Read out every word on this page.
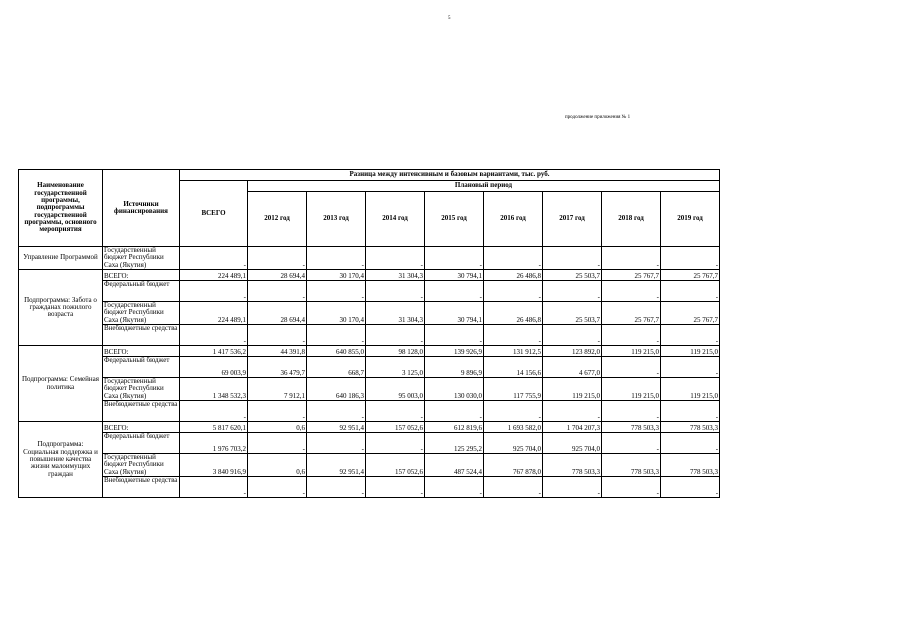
5
продолжение приложения № 1
Наименование государственной программы, подпрограммы государственной программы, основного мероприятия	Источники финансирования	Разница между интенсивным и базовым вариантами, тыс. руб.								
		ВСЕГО	Плановый период							
			2012 год	2013 год	2014 год	2015 год	2016 год	2017 год	2018 год	2019 год
Управление Программой	Государственный бюджет Республики Саха (Якутия)	-	-	-	-	-	-	-	-	-
Подпрограмма: Забота о гражданах пожилого возраста	ВСЕГО:	224 489,1	28 694,4	30 170,4	31 304,3	30 794,1	26 486,8	25 503,7	25 767,7	25 767,7
	Федеральный бюджет	-	-	-	-	-	-	-	-	-
	Государственный бюджет Республики Саха (Якутия)	224 489,1	28 694,4	30 170,4	31 304,3	30 794,1	26 486,8	25 503,7	25 767,7	25 767,7
	Внебюджетные средства	-	-	-	-	-	-	-	-	-
Подпрограмма: Семейная политика	ВСЕГО:	1 417 536,2	44 391,8	640 855,0	98 128,0	139 926,9	131 912,5	123 892,0	119 215,0	119 215,0
	Федеральный бюджет	69 003,9	36 479,7	668,7	3 125,0	9 896,9	14 156,6	4 677,0	-	-
	Государственный бюджет Республики Саха (Якутия)	1 348 532,3	7 912,1	640 186,3	95 003,0	130 030,0	117 755,9	119 215,0	119 215,0	119 215,0
	Внебюджетные средства	-	-	-	-	-	-	-	-	-
Подпрограмма: Социальная поддержка и повышение качества жизни малоимущих граждан	ВСЕГО:	5 817 620,1	0,6	92 951,4	157 052,6	612 819,6	1 693 582,0	1 704 207,3	778 503,3	778 503,3
	Федеральный бюджет	1 976 703,2	-	-	-	125 295,2	925 704,0	925 704,0	-	-
	Государственный бюджет Республики Саха (Якутия)	3 840 916,9	0,6	92 951,4	157 052,6	487 524,4	767 878,0	778 503,3	778 503,3	778 503,3
	Внебюджетные средства	-	-	-	-	-	-	-	-	-
